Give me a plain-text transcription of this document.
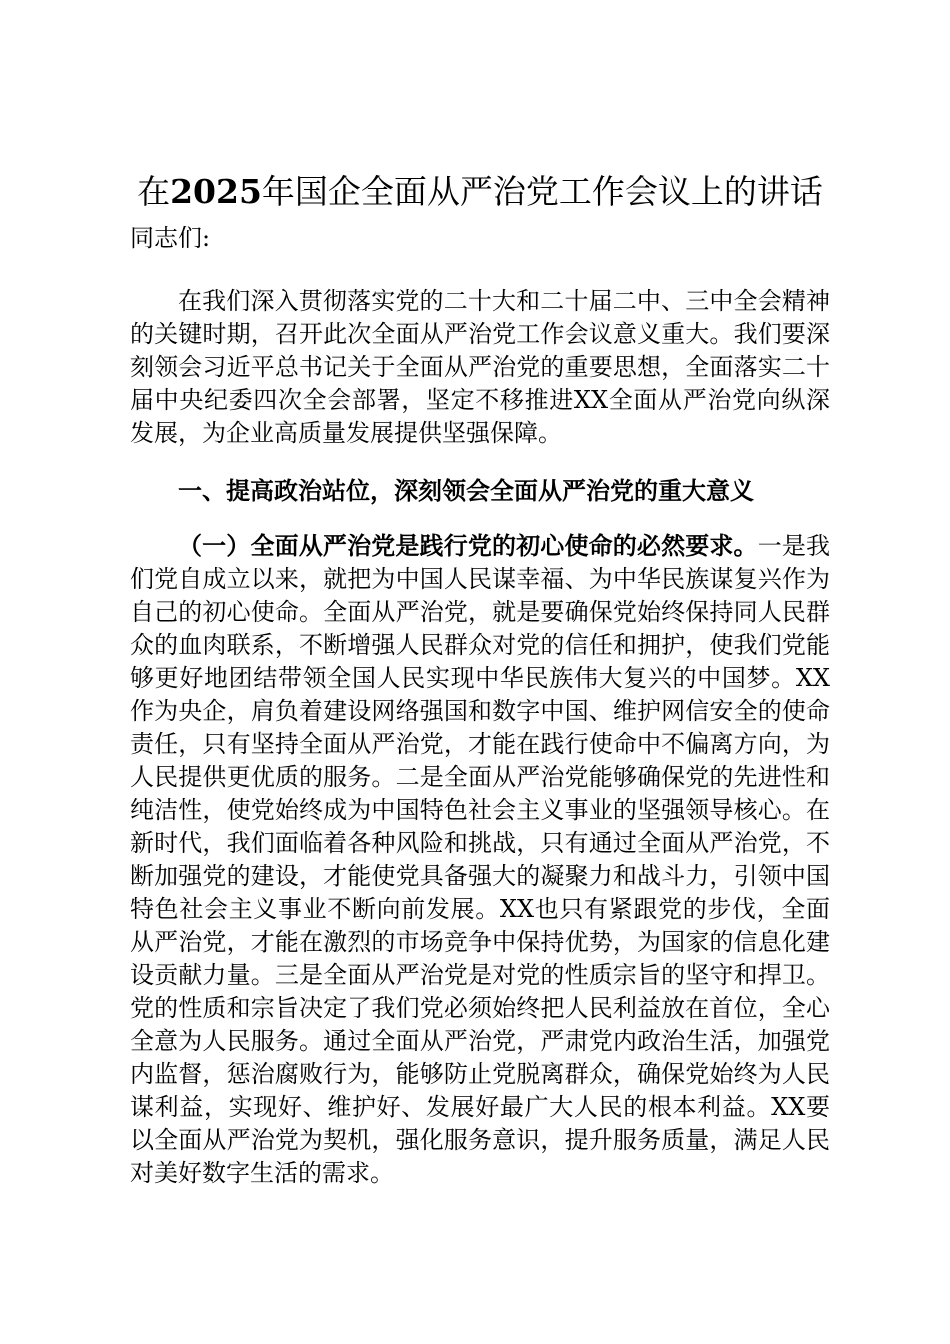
在2025年国企全面从严治党工作会议上的讲话

同志们:

在我们深入贯彻落实党的二十大和二十届二中、三中全会精神的关键时期，召开此次全面从严治党工作会议意义重大。我们要深刻领会习近平总书记关于全面从严治党的重要思想，全面落实二十届中央纪委四次全会部署，坚定不移推进XX全面从严治党向纵深发展，为企业高质量发展提供坚强保障。

一、提高政治站位，深刻领会全面从严治党的重大意义

（一）全面从严治党是践行党的初心使命的必然要求。一是我们党自成立以来，就把为中国人民谋幸福、为中华民族谋复兴作为自己的初心使命。全面从严治党，就是要确保党始终保持同人民群众的血肉联系，不断增强人民群众对党的信任和拥护，使我们党能够更好地团结带领全国人民实现中华民族伟大复兴的中国梦。XX作为央企，肩负着建设网络强国和数字中国、维护网信安全的使命责任，只有坚持全面从严治党，才能在践行使命中不偏离方向，为人民提供更优质的服务。二是全面从严治党能够确保党的先进性和纯洁性，使党始终成为中国特色社会主义事业的坚强领导核心。在新时代，我们面临着各种风险和挑战，只有通过全面从严治党，不断加强党的建设，才能使党具备强大的凝聚力和战斗力，引领中国特色社会主义事业不断向前发展。XX也只有紧跟党的步伐，全面从严治党，才能在激烈的市场竞争中保持优势，为国家的信息化建设贡献力量。三是全面从严治党是对党的性质宗旨的坚守和捍卫。党的性质和宗旨决定了我们党必须始终把人民利益放在首位，全心全意为人民服务。通过全面从严治党，严肃党内政治生活，加强党内监督，惩治腐败行为，能够防止党脱离群众，确保党始终为人民谋利益，实现好、维护好、发展好最广大人民的根本利益。XX要以全面从严治党为契机，强化服务意识，提升服务质量，满足人民对美好数字生活的需求。
